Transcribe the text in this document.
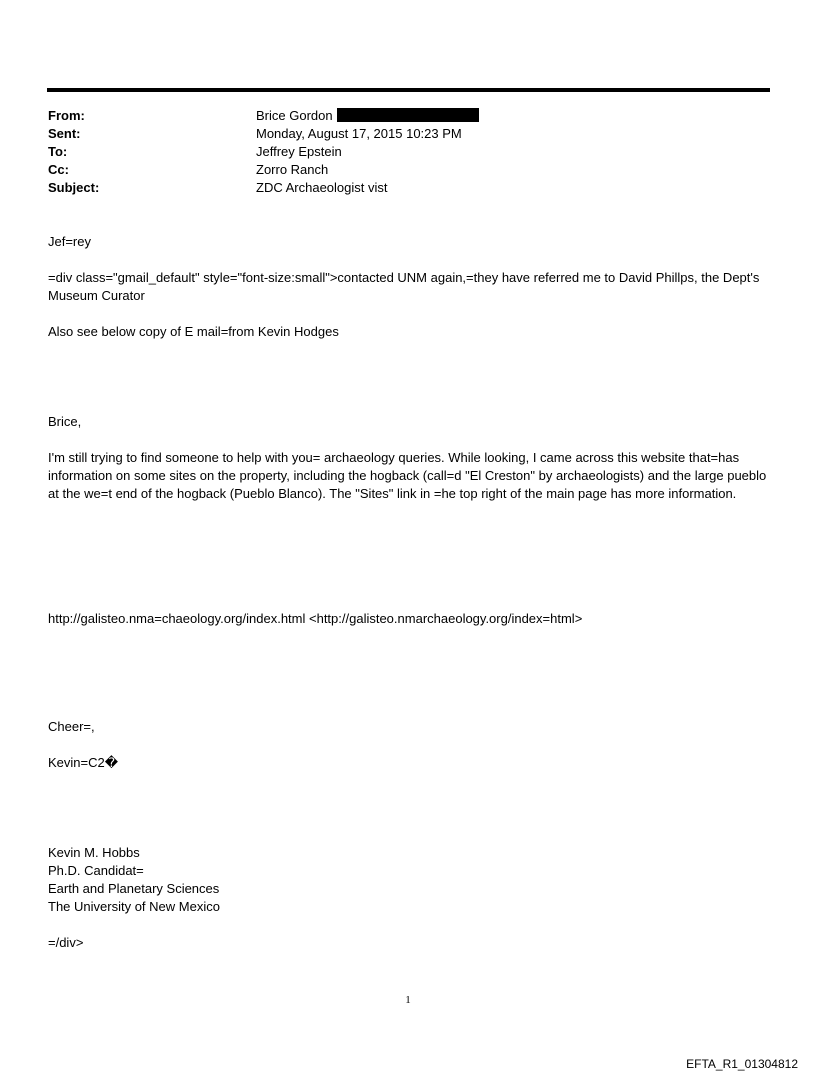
From:	Brice Gordon
Sent:	Monday, August 17, 2015 10:23 PM
To:	Jeffrey Epstein
Cc:	Zorro Ranch
Subject:	ZDC Archaeologist vist
Jef=rey
=div class="gmail_default" style="font-size:small">contacted UNM again,=they have referred me to David Phillps, the Dept's Museum Curator
Also see below copy of E mail=from Kevin Hodges
Brice,
I'm still trying to find someone to help with you= archaeology queries. While looking, I came across this website that=has information on some sites on the property, including the hogback (call=d "El Creston" by archaeologists) and the large pueblo at the we=t end of the hogback (Pueblo Blanco). The "Sites" link in =he top right of the main page has more information.
http://galisteo.nma=chaeology.org/index.html <http://galisteo.nmarchaeology.org/index=html>
Cheer=,
Kevin=C2�
Kevin M. Hobbs
Ph.D. Candidat=
Earth and Planetary Sciences
The University of New Mexico
=/div>
1
EFTA_R1_01304812
